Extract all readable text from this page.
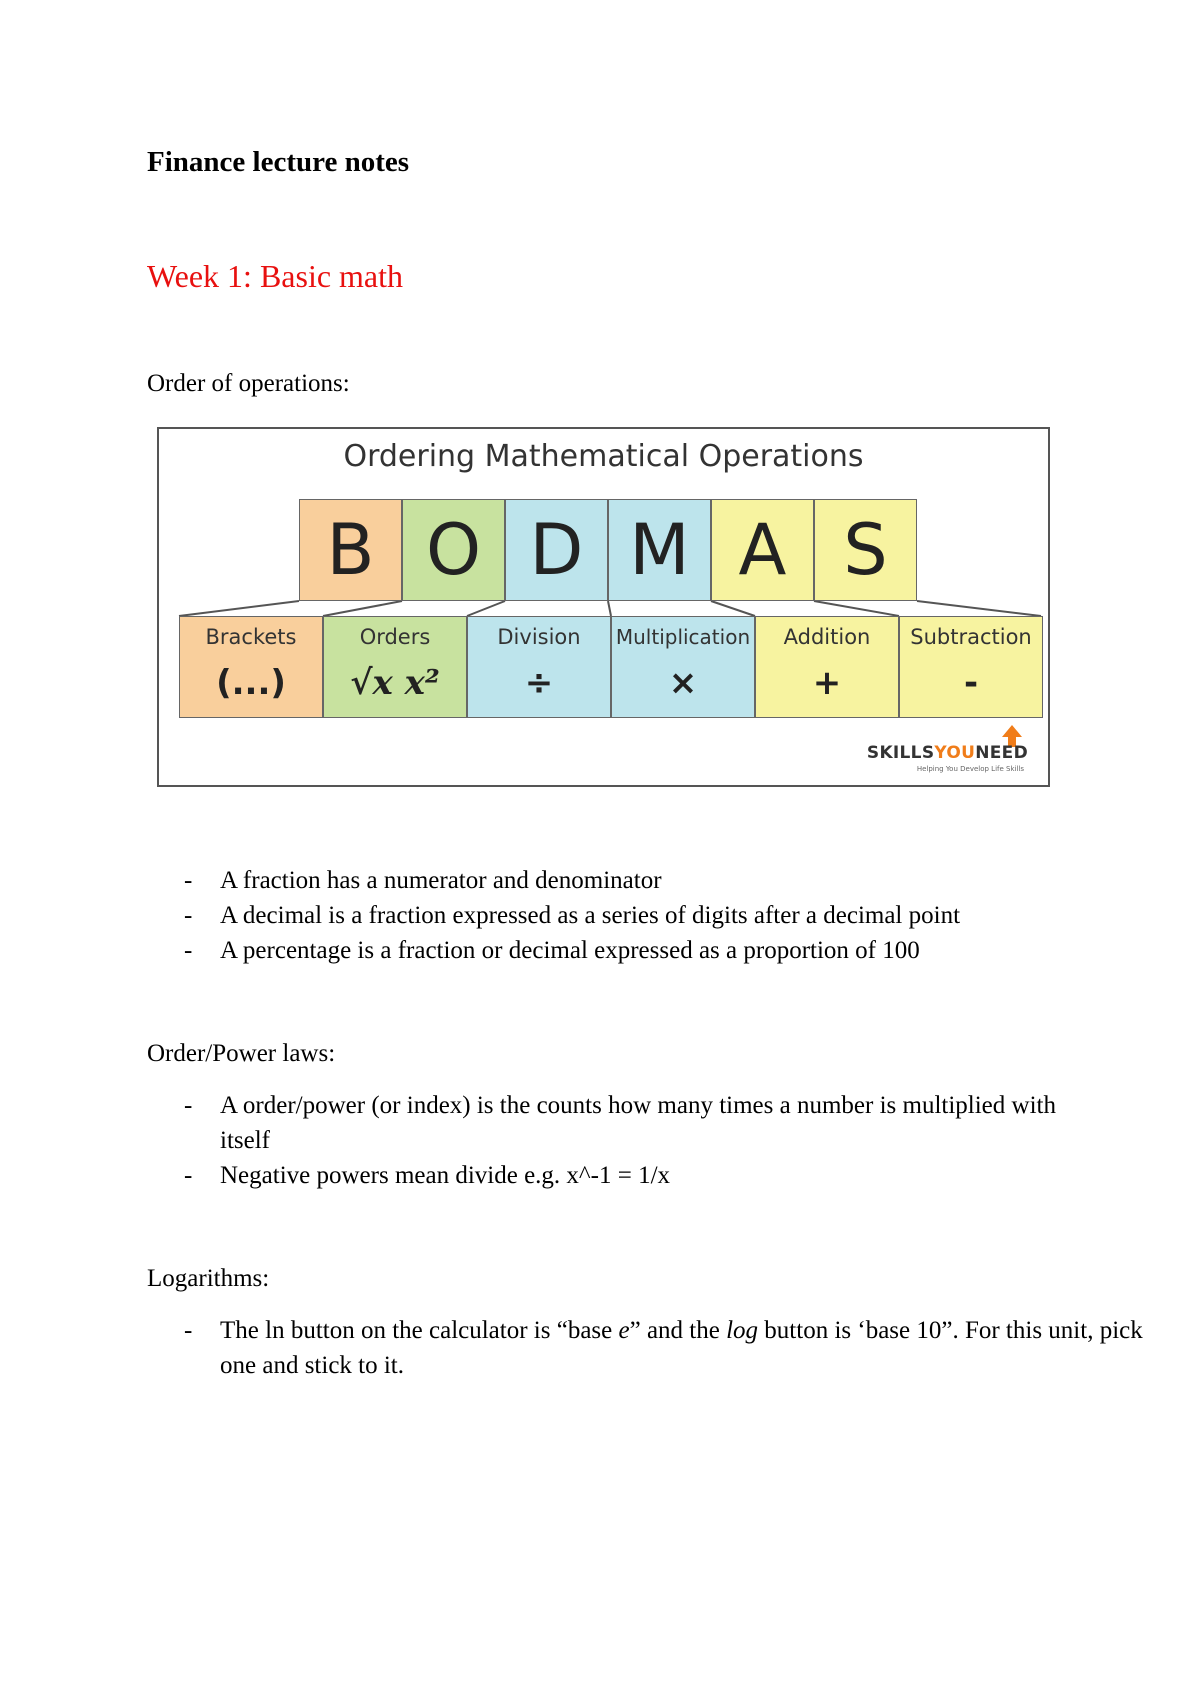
Finance lecture notes
Week 1: Basic math

Order of operations:

Ordering Mathematical Operations

B O D M A S
Brackets
(...)
Orders
√x x²
Division
÷
Multiplication
×
Addition
+
Subtraction
-
SKILLSYOUNEED
Helping You Develop Life Skills
- A fraction has a numerator and denominator
- A decimal is a fraction expressed as a series of digits after a decimal point
- A percentage is a fraction or decimal expressed as a proportion of 100

Order/Power laws:

- A order/power (or index) is the counts how many times a number is multiplied with itself
- Negative powers mean divide e.g. x^-1 = 1/x

Logarithms:

- The ln button on the calculator is “base e” and the log button is ‘base 10”. For this unit, pick one and stick to it.
